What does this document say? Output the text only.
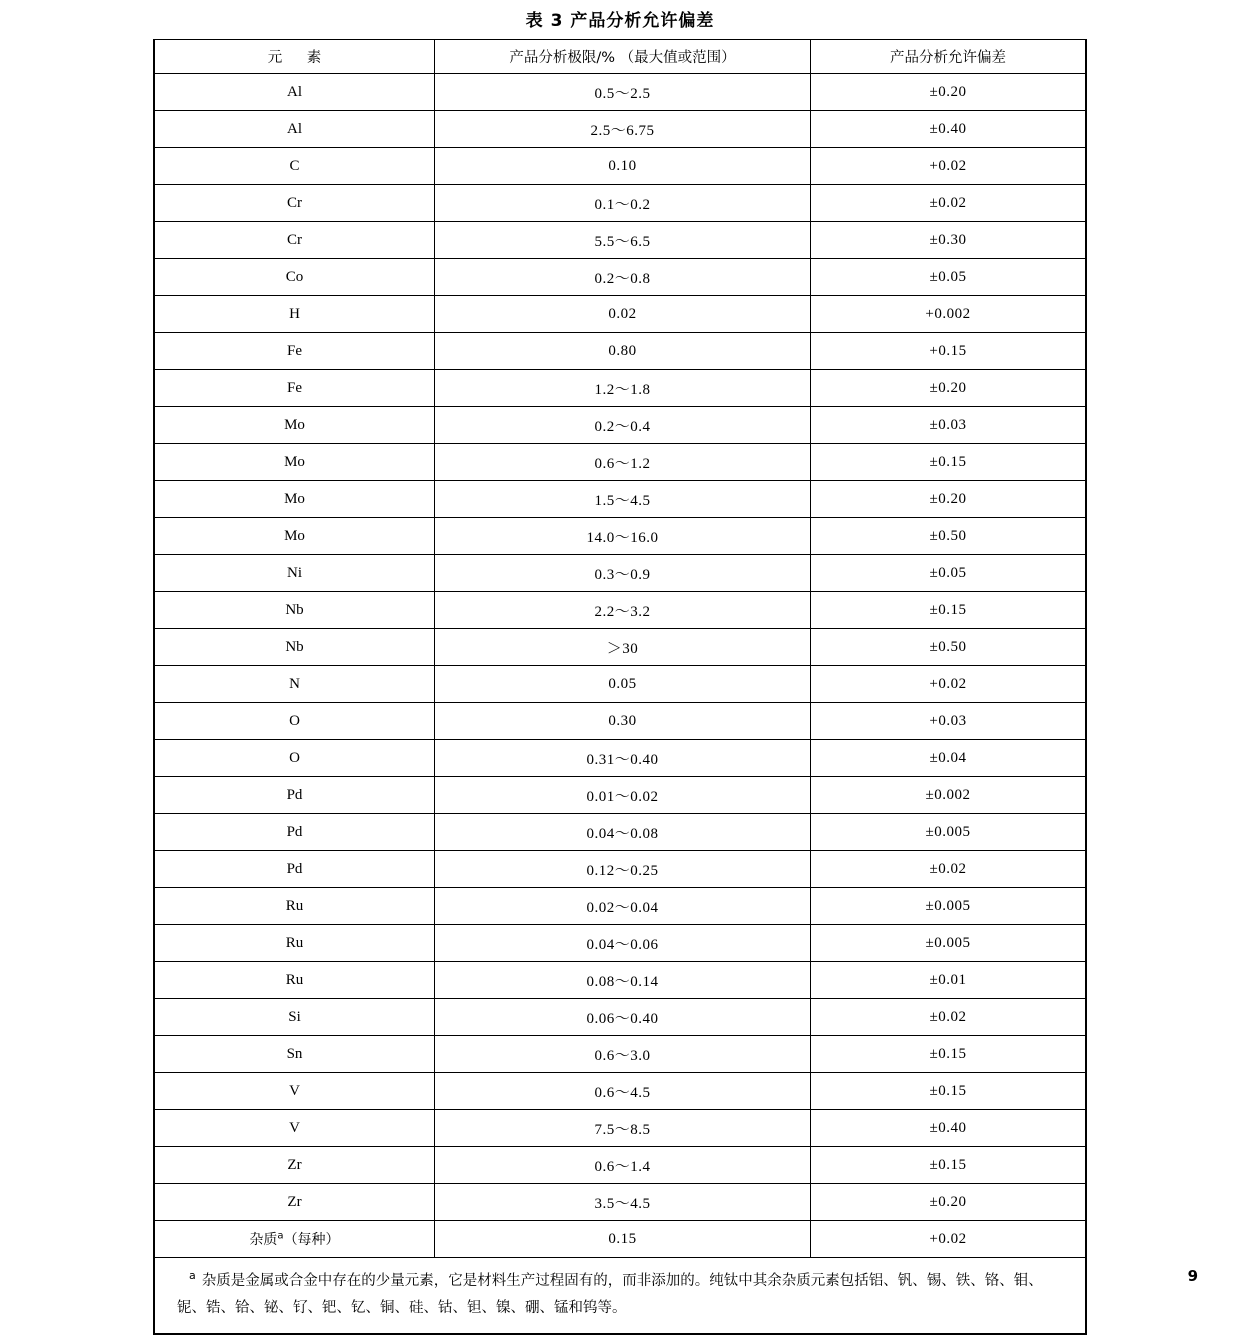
表 3 产品分析允许偏差
元 素	产品分析极限/% （最大值或范围）	产品分析允许偏差
Al	0.5～2.5	±0.20
Al	2.5～6.75	±0.40
C	0.10	+0.02
Cr	0.1～0.2	±0.02
Cr	5.5～6.5	±0.30
Co	0.2～0.8	±0.05
H	0.02	+0.002
Fe	0.80	+0.15
Fe	1.2～1.8	±0.20
Mo	0.2～0.4	±0.03
Mo	0.6～1.2	±0.15
Mo	1.5～4.5	±0.20
Mo	14.0～16.0	±0.50
Ni	0.3～0.9	±0.05
Nb	2.2～3.2	±0.15
Nb	＞30	±0.50
N	0.05	+0.02
O	0.30	+0.03
O	0.31～0.40	±0.04
Pd	0.01～0.02	±0.002
Pd	0.04～0.08	±0.005
Pd	0.12～0.25	±0.02
Ru	0.02～0.04	±0.005
Ru	0.04～0.06	±0.005
Ru	0.08～0.14	±0.01
Si	0.06～0.40	±0.02
Sn	0.6～3.0	±0.15
V	0.6～4.5	±0.15
V	7.5～8.5	±0.40
Zr	0.6～1.4	±0.15
Zr	3.5～4.5	±0.20
杂质$^a$（每种）	0.15	+0.02
$^a$ 杂质是金属或合金中存在的少量元素，它是材料生产过程固有的，而非添加的。纯钛中其余杂质元素包括铝、钒、锡、铁、铬、钼、铌、锆、铪、铋、钌、钯、钇、铜、硅、钴、钽、镍、硼、锰和钨等。		
9
